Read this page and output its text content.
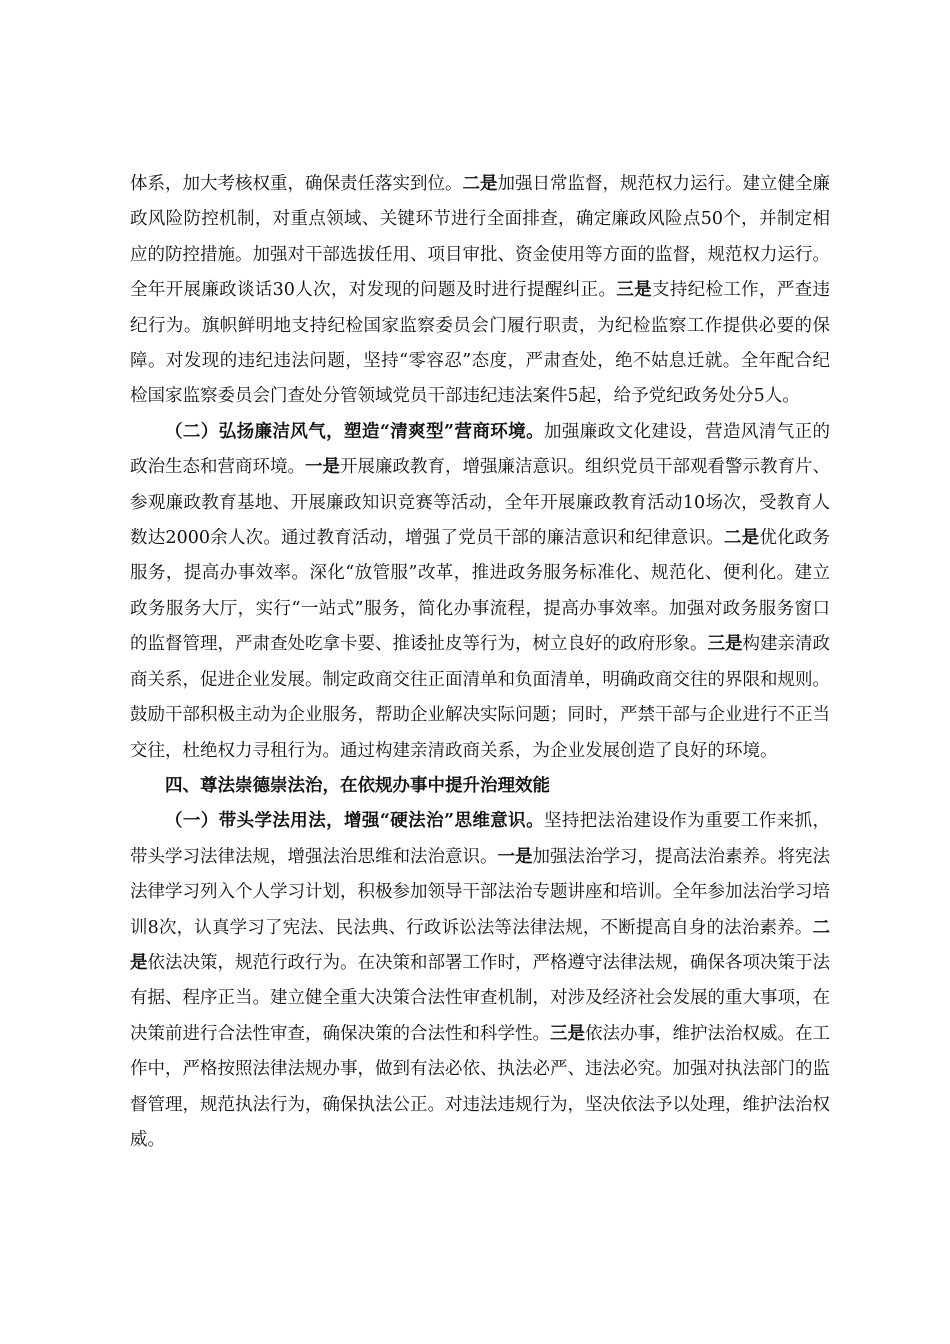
体系，加大考核权重，确保责任落实到位。二是加强日常监督，规范权力运行。建立健全廉政风险防控机制，对重点领域、关键环节进行全面排查，确定廉政风险点50个，并制定相应的防控措施。加强对干部选拔任用、项目审批、资金使用等方面的监督，规范权力运行。全年开展廉政谈话30人次，对发现的问题及时进行提醒纠正。三是支持纪检工作，严查违纪行为。旗帜鲜明地支持纪检国家监察委员会门履行职责，为纪检监察工作提供必要的保障。对发现的违纪违法问题，坚持“零容忍”态度，严肃查处，绝不姑息迁就。全年配合纪检国家监察委员会门查处分管领域党员干部违纪违法案件5起，给予党纪政务处分5人。

（二）弘扬廉洁风气，塑造“清爽型”营商环境。加强廉政文化建设，营造风清气正的政治生态和营商环境。一是开展廉政教育，增强廉洁意识。组织党员干部观看警示教育片、参观廉政教育基地、开展廉政知识竞赛等活动，全年开展廉政教育活动10场次，受教育人数达2000余人次。通过教育活动，增强了党员干部的廉洁意识和纪律意识。二是优化政务服务，提高办事效率。深化“放管服”改革，推进政务服务标准化、规范化、便利化。建立政务服务大厅，实行“一站式”服务，简化办事流程，提高办事效率。加强对政务服务窗口的监督管理，严肃查处吃拿卡要、推诿扯皮等行为，树立良好的政府形象。三是构建亲清政商关系，促进企业发展。制定政商交往正面清单和负面清单，明确政商交往的界限和规则。鼓励干部积极主动为企业服务，帮助企业解决实际问题；同时，严禁干部与企业进行不正当交往，杜绝权力寻租行为。通过构建亲清政商关系，为企业发展创造了良好的环境。

四、尊法崇德崇法治，在依规办事中提升治理效能

（一）带头学法用法，增强“硬法治”思维意识。坚持把法治建设作为重要工作来抓，带头学习法律法规，增强法治思维和法治意识。一是加强法治学习，提高法治素养。将宪法法律学习列入个人学习计划，积极参加领导干部法治专题讲座和培训。全年参加法治学习培训8次，认真学习了宪法、民法典、行政诉讼法等法律法规，不断提高自身的法治素养。二是依法决策，规范行政行为。在决策和部署工作时，严格遵守法律法规，确保各项决策于法有据、程序正当。建立健全重大决策合法性审查机制，对涉及经济社会发展的重大事项，在决策前进行合法性审查，确保决策的合法性和科学性。三是依法办事，维护法治权威。在工作中，严格按照法律法规办事，做到有法必依、执法必严、违法必究。加强对执法部门的监督管理，规范执法行为，确保执法公正。对违法违规行为，坚决依法予以处理，维护法治权威。
